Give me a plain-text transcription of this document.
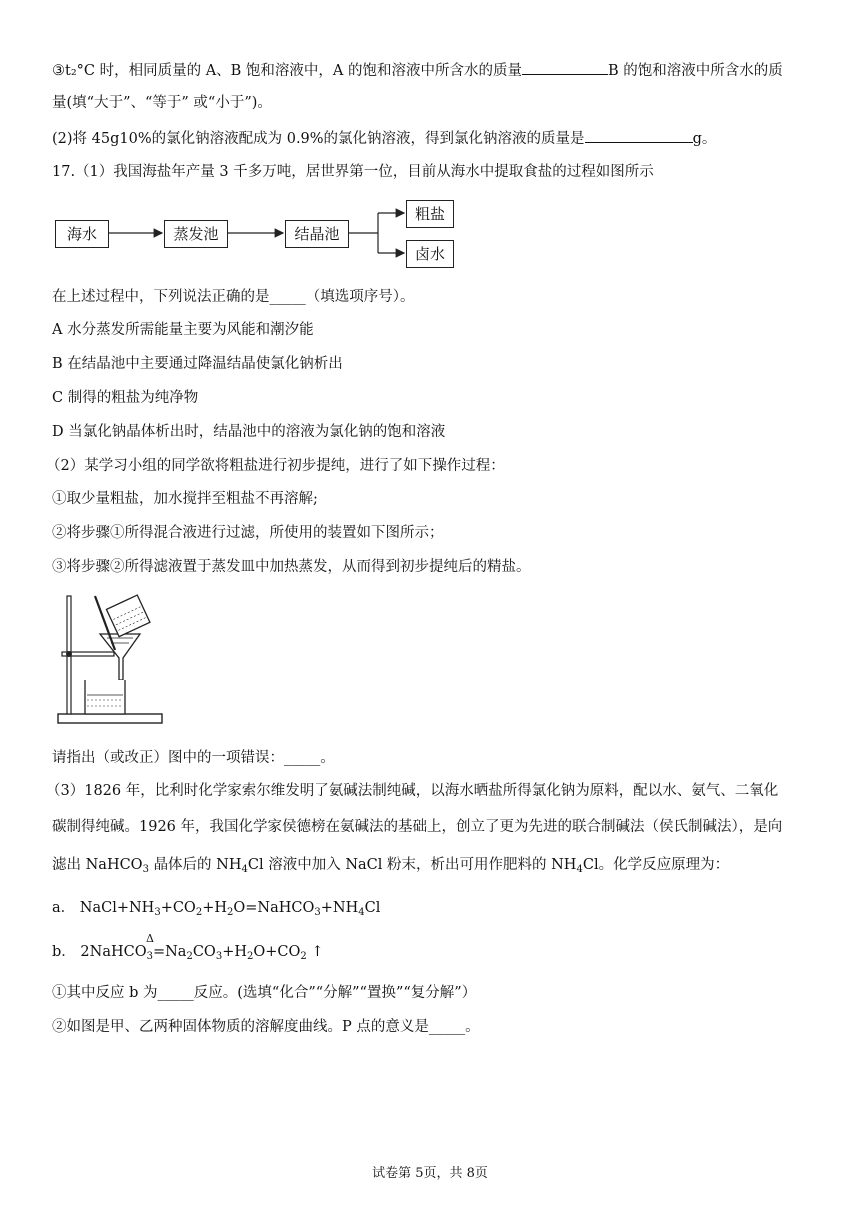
③t₂°C 时，相同质量的 A、B 饱和溶液中，A 的饱和溶液中所含水的质量	B 的饱和溶液中所含水的质
量(填“大于”、“等于” 或“小于”)。
(2)将 45g10%的氯化钠溶液配成为 0.9%的氯化钠溶液，得到氯化钠溶液的质量是	g。
17.（1）我国海盐年产量 3 千多万吨，居世界第一位，目前从海水中提取食盐的过程如图所示
海水	蒸发池	结晶池
粗盐
卤水
在上述过程中，下列说法正确的是_____（填选项序号）。
A 水分蒸发所需能量主要为风能和潮汐能
B 在结晶池中主要通过降温结晶使氯化钠析出
C 制得的粗盐为纯净物
D 当氯化钠晶体析出时，结晶池中的溶液为氯化钠的饱和溶液
（2）某学习小组的同学欲将粗盐进行初步提纯，进行了如下操作过程：
①取少量粗盐，加水搅拌至粗盐不再溶解;
②将步骤①所得混合液进行过滤，所使用的装置如下图所示；
③将步骤②所得滤液置于蒸发皿中加热蒸发，从而得到初步提纯后的精盐。
请指出（或改正）图中的一项错误：_____。
（3）1826 年，比利时化学家索尔维发明了氨碱法制纯碱，以海水晒盐所得氯化钠为原料，配以水、氨气、二氧化
碳制得纯碱。1926 年，我国化学家侯德榜在氨碱法的基础上，创立了更为先进的联合制碱法（侯氏制碱法），是向
滤出 NaHCO$_3$ 晶体后的 $NH_4Cl$ 溶液中加入 NaCl 粉末，析出可用作肥料的 $NH_4Cl$。化学反应原理为：
a． $NaCl+NH_3+CO_2+H_2O=NaHCO_3+NH_4Cl$
Δ
b． $2NaHCO_3=Na_2CO_3+H_2O+CO_2$ ↑
①其中反应 b 为_____反应。(选填“化合”“分解”“置换”“复分解”）
②如图是甲、乙两种固体物质的溶解度曲线。P 点的意义是_____。
试卷第 5页，共 8页
